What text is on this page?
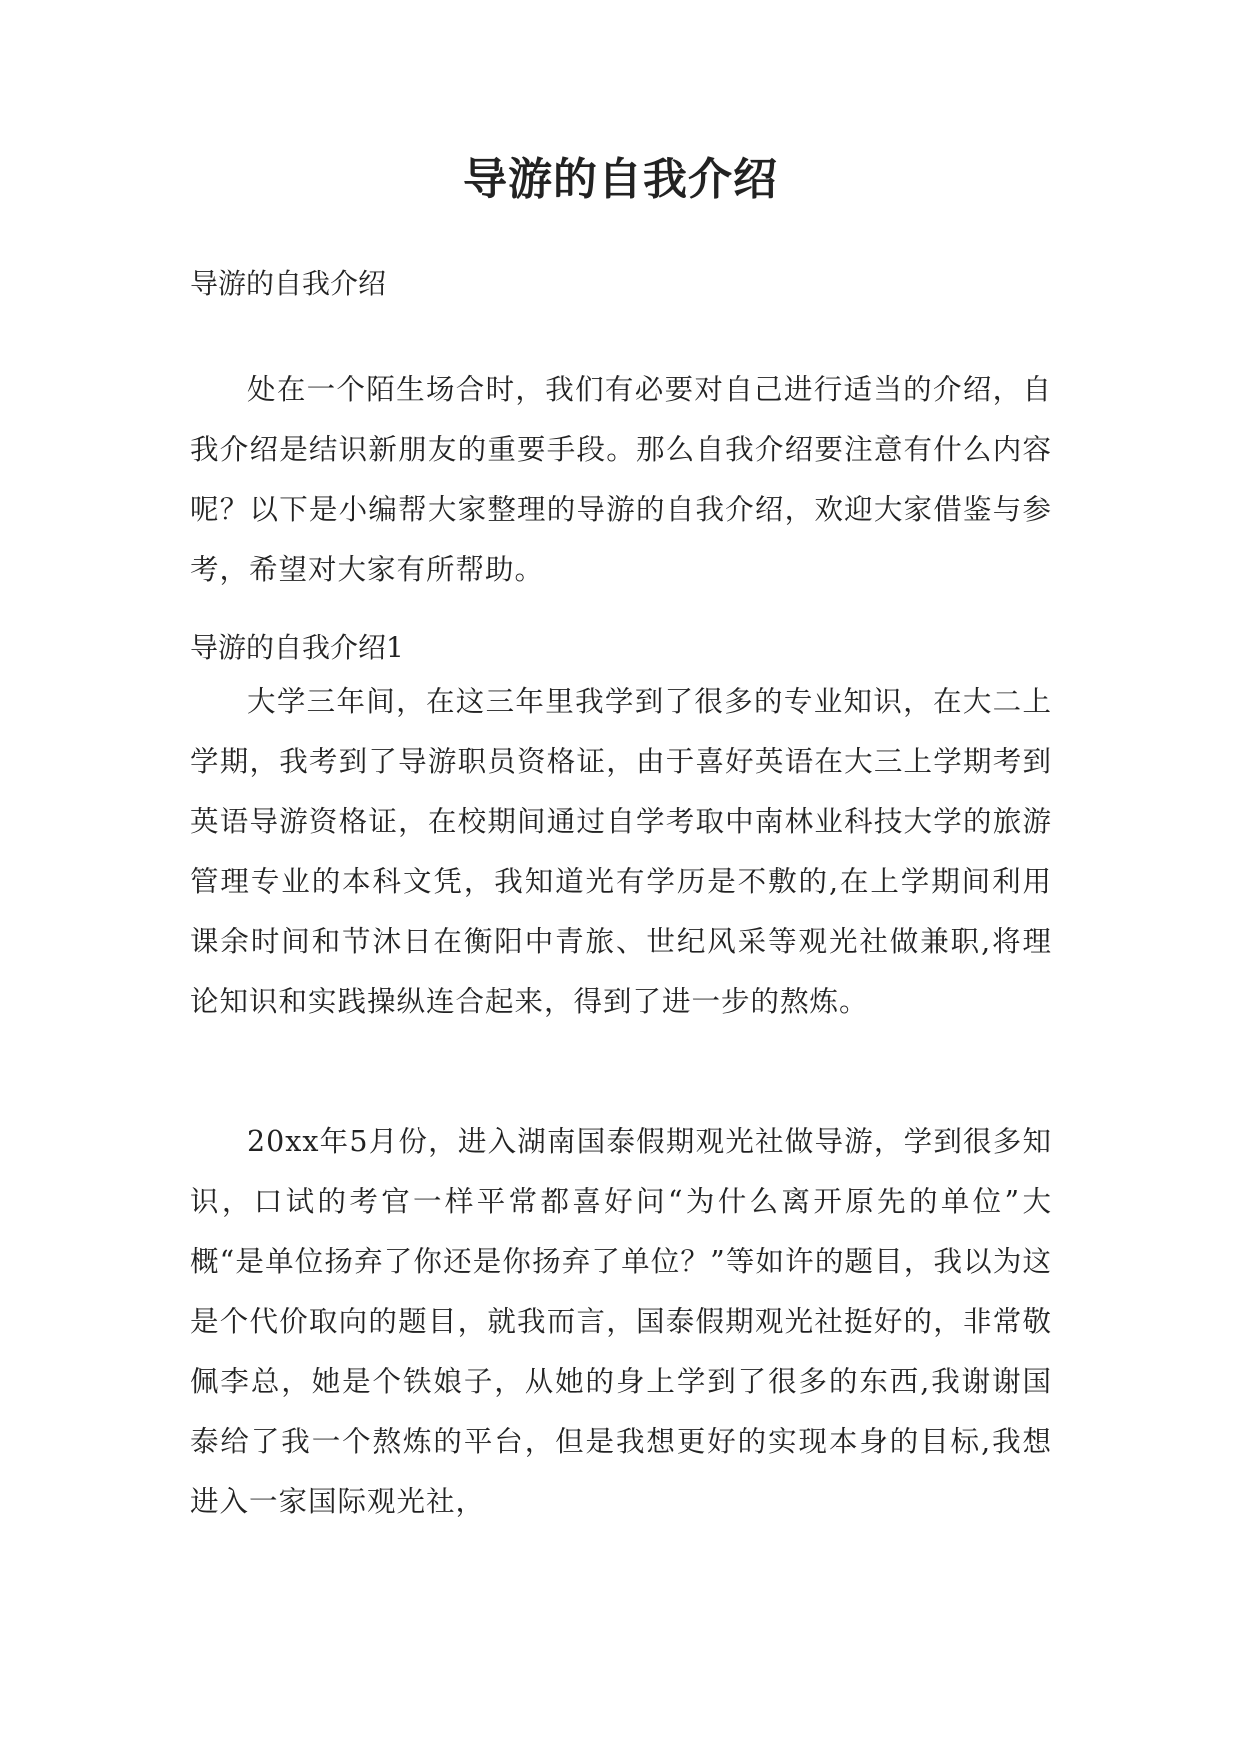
导游的自我介绍

导游的自我介绍

处在一个陌生场合时，我们有必要对自己进行适当的介绍，自我介绍是结识新朋友的重要手段。那么自我介绍要注意有什么内容呢？以下是小编帮大家整理的导游的自我介绍，欢迎大家借鉴与参考，希望对大家有所帮助。

导游的自我介绍1

大学三年间，在这三年里我学到了很多的专业知识，在大二上学期，我考到了导游职员资格证，由于喜好英语在大三上学期考到英语导游资格证，在校期间通过自学考取中南林业科技大学的旅游管理专业的本科文凭，我知道光有学历是不敷的,在上学期间利用课余时间和节沐日在衡阳中青旅、世纪风采等观光社做兼职,将理论知识和实践操纵连合起来，得到了进一步的熬炼。

20xx年5月份，进入湖南国泰假期观光社做导游，学到很多知识，口试的考官一样平常都喜好问“为什么离开原先的单位”大概“是单位扬弃了你还是你扬弃了单位？”等如许的题目，我以为这是个代价取向的题目，就我而言，国泰假期观光社挺好的，非常敬佩李总，她是个铁娘子，从她的身上学到了很多的东西,我谢谢国泰给了我一个熬炼的平台，但是我想更好的实现本身的目标,我想进入一家国际观光社，
